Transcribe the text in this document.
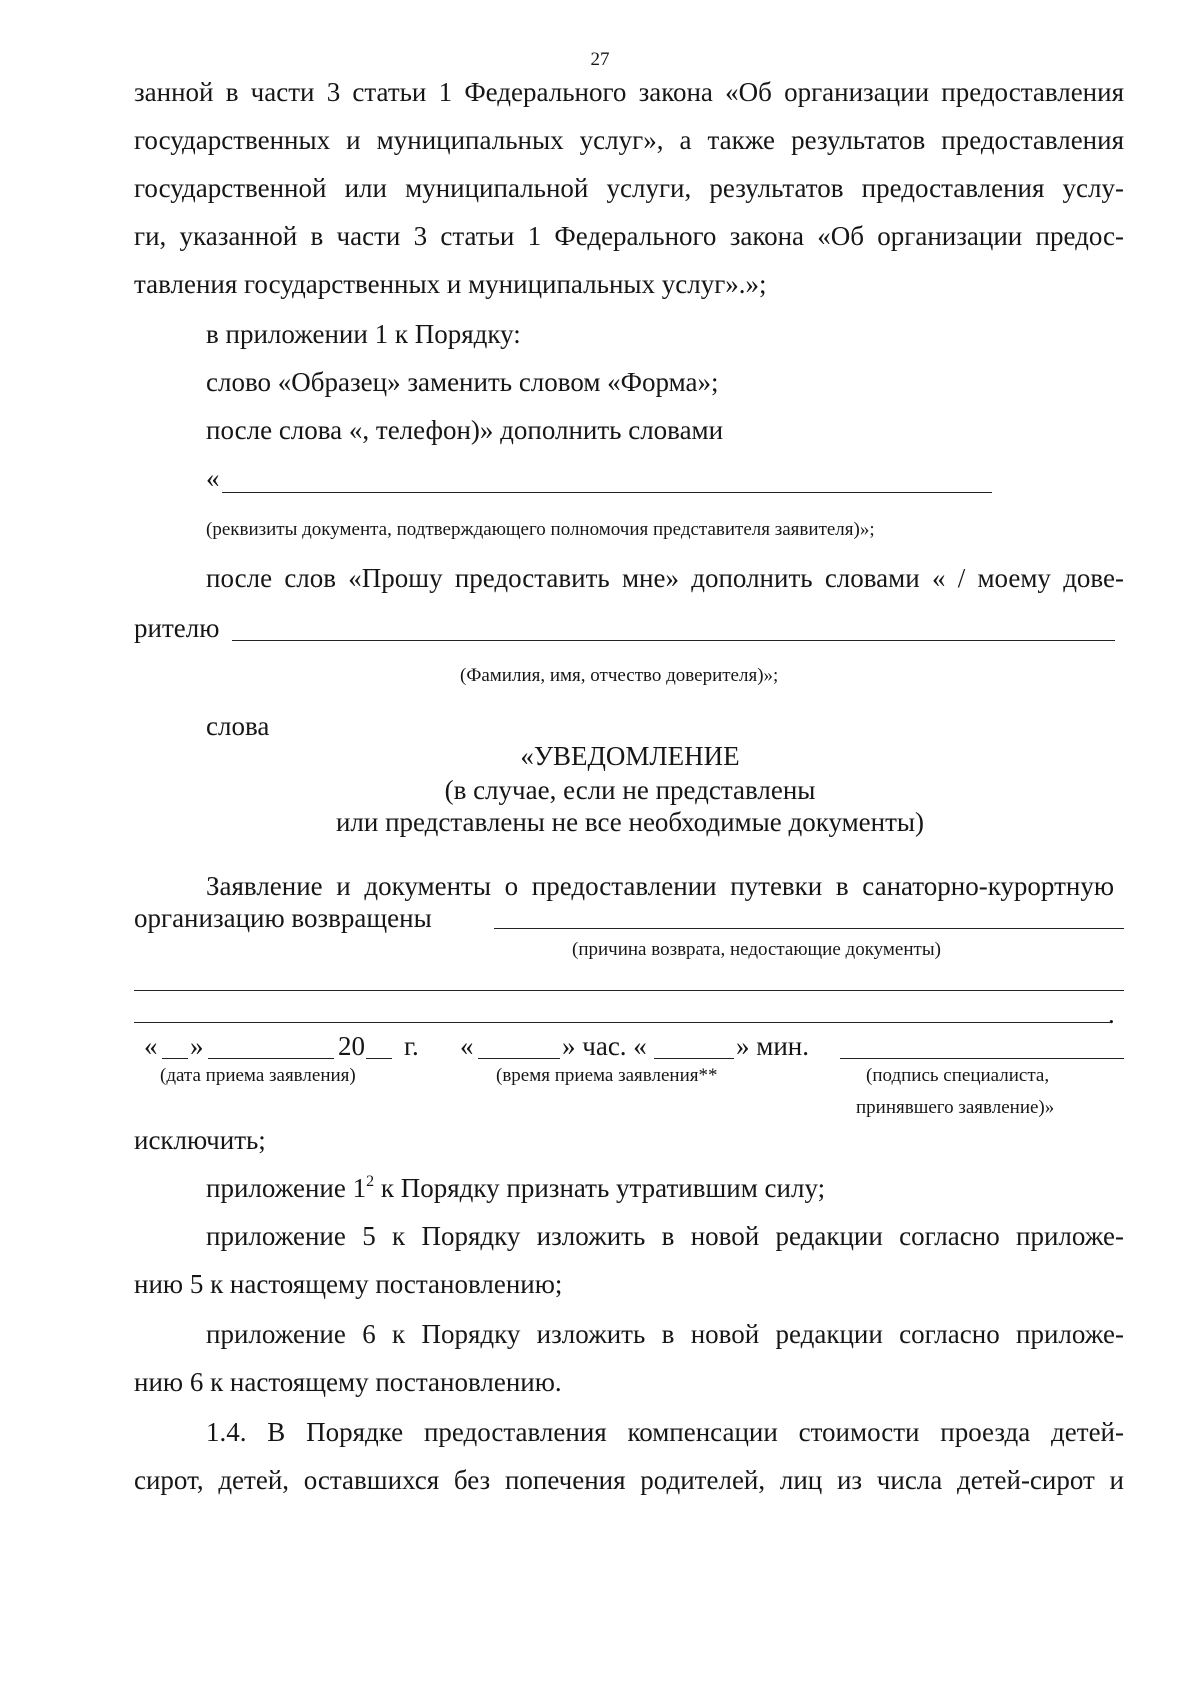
27
занной в части 3 статьи 1 Федерального закона «Об организации предоставления
государственных и муниципальных услуг», а также результатов предоставления
государственной или муниципальной услуги, результатов предоставления услу-
ги, указанной в части 3 статьи 1 Федерального закона «Об организации предос-
тавления государственных и муниципальных услуг».»;
в приложении 1 к Порядку:
слово «Образец» заменить словом «Форма»;
после слова «, телефон)» дополнить словами
«
(реквизиты документа, подтверждающего полномочия представителя заявителя)»;
после слов «Прошу предоставить мне» дополнить словами « / моему дове-
рителю
(Фамилия, имя, отчество доверителя)»;
слова
«УВЕДОМЛЕНИЕ
(в случае, если не представлены
или представлены не все необходимые документы)
Заявление и документы о предоставлении путевки в санаторно-курортную
организацию возвращены
(причина возврата, недостающие документы)
.
« »	20 г. «	» час. «	» мин.
(дата приема заявления)	(время приема заявления**	(подпись специалиста,
принявшего заявление)»
исключить;
приложение $1^2$ к Порядку признать утратившим силу;
приложение 5 к Порядку изложить в новой редакции согласно приложе-
нию 5 к настоящему постановлению;
приложение 6 к Порядку изложить в новой редакции согласно приложе-
нию 6 к настоящему постановлению.
1.4. В Порядке предоставления компенсации стоимости проезда детей-
сирот, детей, оставшихся без попечения родителей, лиц из числа детей-сирот и
